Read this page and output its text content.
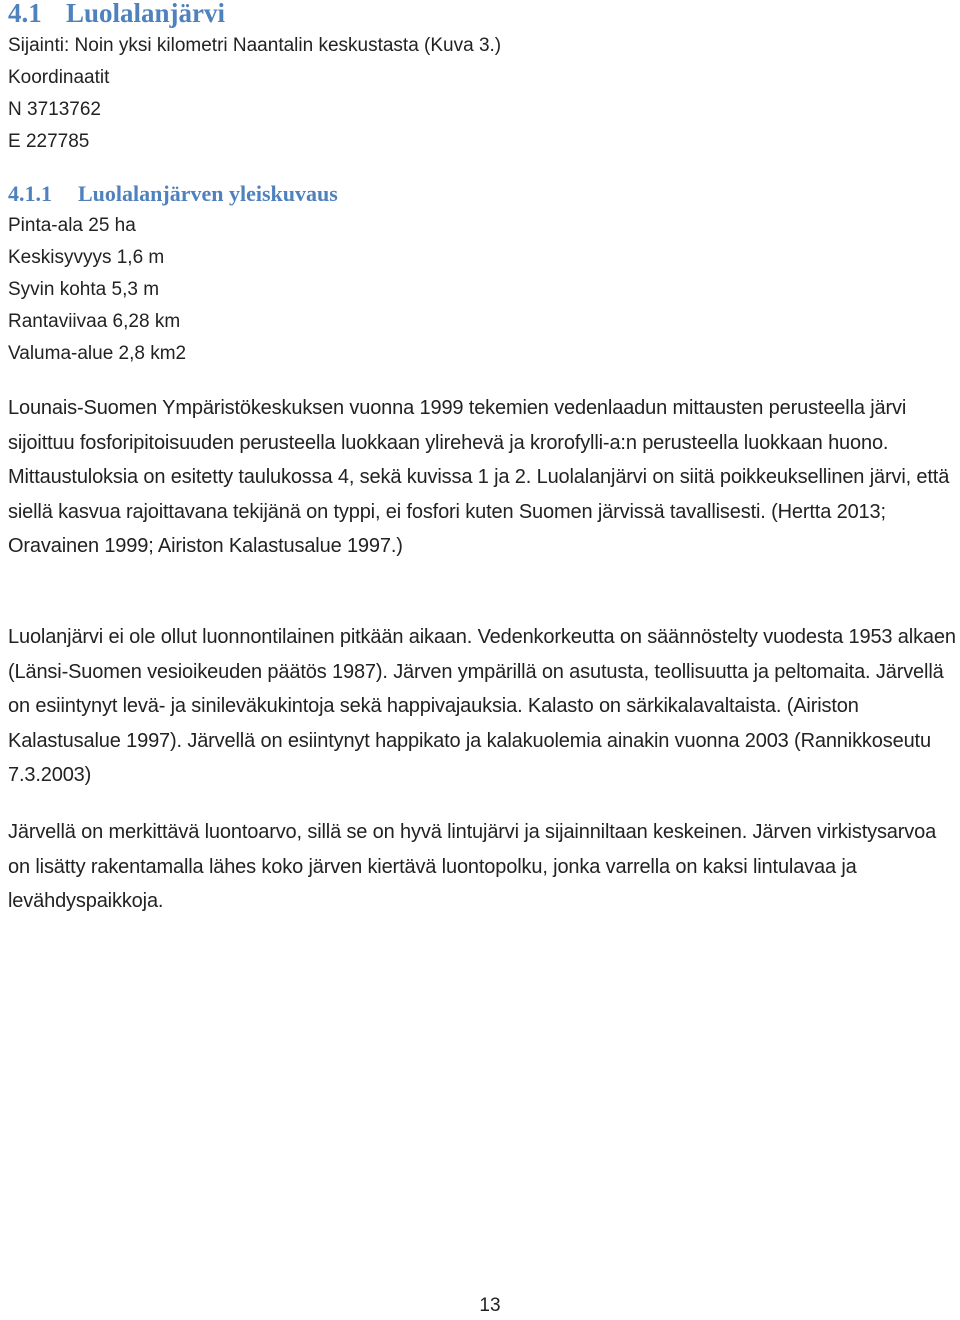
4.1 Luolalanjärvi

Sijainti: Noin yksi kilometri Naantalin keskustasta (Kuva 3.)

Koordinaatit

N 3713762

E 227785

4.1.1 Luolalanjärven yleiskuvaus

Pinta-ala 25 ha

Keskisyvyys 1,6 m

Syvin kohta 5,3 m

Rantaviivaa 6,28 km

Valuma-alue 2,8 km2

Lounais-Suomen Ympäristökeskuksen vuonna 1999 tekemien vedenlaadun mittausten perusteella järvi sijoittuu fosforipitoisuuden perusteella luokkaan ylirehevä ja krorofylli-a:n perusteella luokkaan huono. Mittaustuloksia on esitetty taulukossa 4, sekä kuvissa 1 ja 2. Luolalanjärvi on siitä poikkeuksellinen järvi, että siellä kasvua rajoittavana tekijänä on typpi, ei fosfori kuten Suomen järvissä tavallisesti. (Hertta 2013; Oravainen 1999; Airiston Kalastusalue 1997.)

Luolanjärvi ei ole ollut luonnontilainen pitkään aikaan. Vedenkorkeutta on säännöstelty vuodesta 1953 alkaen (Länsi-Suomen vesioikeuden päätös 1987). Järven ympärillä on asutusta, teollisuutta ja peltomaita. Järvellä on esiintynyt levä- ja sinileväkukintoja sekä happivajauksia. Kalasto on särkikalavaltaista. (Airiston Kalastusalue 1997). Järvellä on esiintynyt happikato ja kalakuolemia ainakin vuonna 2003 (Rannikkoseutu 7.3.2003)

Järvellä on merkittävä luontoarvo, sillä se on hyvä lintujärvi ja sijainniltaan keskeinen. Järven virkistysarvoa on lisätty rakentamalla lähes koko järven kiertävä luontopolku, jonka varrella on kaksi lintulavaa ja levähdyspaikkoja.

13
